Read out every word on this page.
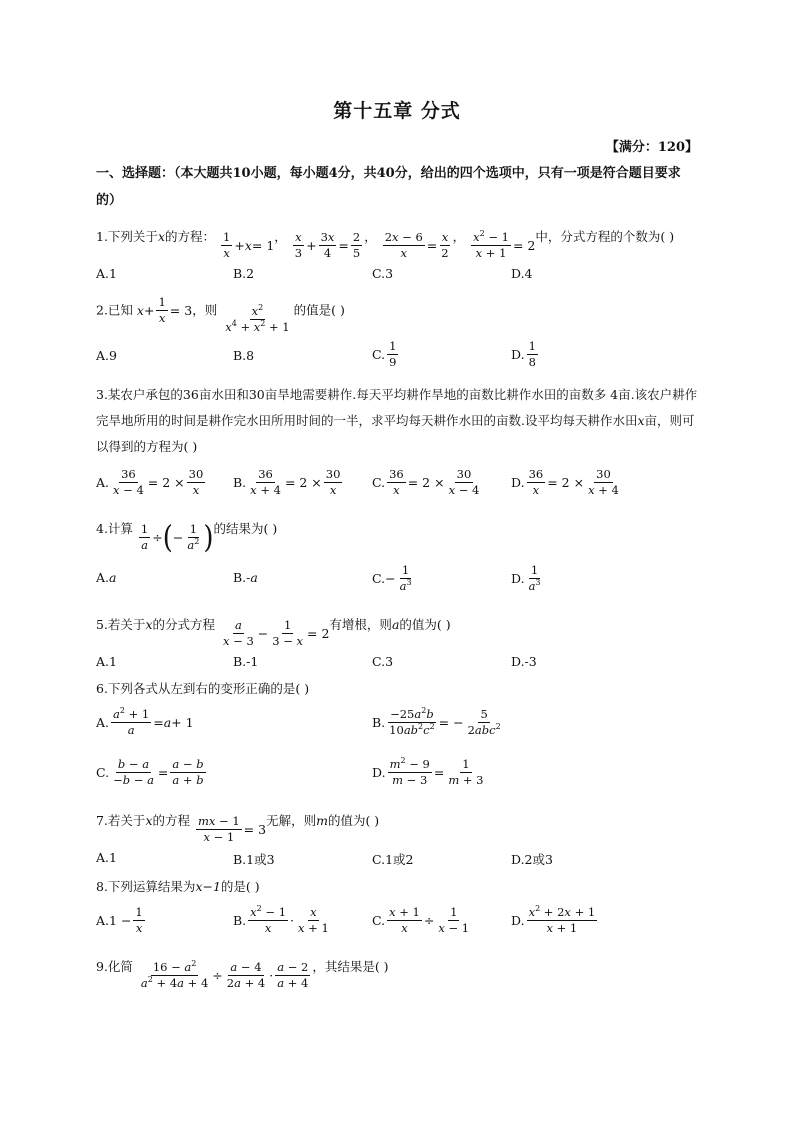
第十五章 分式
【满分：120】
一、选择题：（本大题共10小题，每小题4分，共40分，给出的四个选项中，只有一项是符合题目要求的）
1.下列关于x的方程： $\frac{1}{x} + x = 1$， $\frac{x}{3} + \frac{3x}{4} = \frac{2}{5}$ ， $\frac{2x - 6}{x} = \frac{x}{2}$ ， $\frac{x^2 - 1}{x + 1} = 2$中，分式方程的个数为( )
A.1	B.2	C.3	D.4
2.已知 $x + \frac{1}{x} = 3$，则 $\frac{x^2}{x^4 + x^2 + 1}$ 的值是( )
A.9	B.8	C. $\frac{1}{9}$	D. $\frac{1}{8}$
3.某农户承包的36亩水田和30亩旱地需要耕作.每天平均耕作旱地的亩数比耕作水田的亩数多 4亩.该农户耕作完旱地所用的时间是耕作完水田所用时间的一半，求平均每天耕作水田的亩数.设平均每天耕作水田x亩，则可以得到的方程为( )
A. $\frac{36}{x - 4} = 2 \times \frac{30}{x} B$. $\frac{36}{x + 4} = 2 \times \frac{30}{x} C$. $\frac{36}{x} = 2 \times \frac{30}{x - 4} D$. $\frac{36}{x} = 2 \times \frac{30}{x + 4}$
4.计算 $\frac{1}{a}$ ÷ ( − $\frac{1}{a^2}$ ) 的结果为( )
A. a	B. -a	C. − $\frac{1}{a^3}$	D. $\frac{1}{a^3}$
5.若关于x的分式方程 $\frac{a}{x - 3} - \frac{1}{3 - x} = 2$有增根，则a的值为( )
A.1	B.-1	C.3	D.-3
6.下列各式从左到右的变形正确的是( )
A. $\frac{a^2 + 1}{a} = a + 1$	B. $\frac{-25a^2b}{10ab^2c^2}$ = − $\frac{5}{2abc^2}$
C. $\frac{b - a}{-b - a} = \frac{a - b}{a + b}$	D. $\frac{m^2 - 9}{m - 3} = \frac{1}{m + 3}$
7.若关于x的方程 $\frac{mx - 1}{x - 1} = 3$无解，则m的值为( )
A.1	B.1或3	C.1或2	D.2或3
8.下列运算结果为x−1的是( )
A. $1 - \frac{1}{x}$	B. $\frac{x^2 - 1}{x} \cdot \frac{x}{x + 1}$	C. $\frac{x + 1}{x} \div \frac{1}{x - 1}$	D. $\frac{x^2 + 2x + 1}{x + 1}$
9.化简 $\frac{16 - a^2}{a^2 + 4a + 4} \div \frac{a - 4}{2a + 4} \cdot \frac{a - 2}{a + 4}$ ，其结果是( )
